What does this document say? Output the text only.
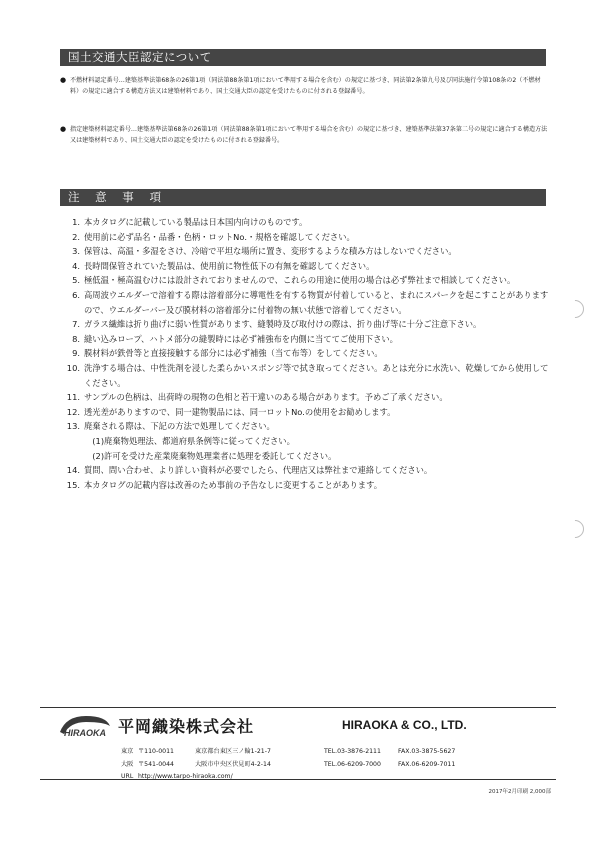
国土交通大臣認定について
● 不燃材料認定番号…建築基準法第68条の26第1項（同法第88条第1項において準用する場合を含む）の規定に基づき、同法第2条第九号及び同法施行令第108条の2（不燃材料）の規定に適合する構造方法又は建築材料であり、国土交通大臣の認定を受けたものに付される登録番号。
● 指定建築材料認定番号…建築基準法第68条の26第1項（同法第88条第1項において準用する場合を含む）の規定に基づき、建築基準法第37条第二号の規定に適合する構造方法又は建築材料であり、国土交通大臣の認定を受けたものに付される登録番号。
注 意 事 項
1. 本カタログに記載している製品は日本国内向けのものです。
2. 使用前に必ず品名・品番・色柄・ロットNo.・規格を確認してください。
3. 保管は、高温・多湿をさけ、冷暗で平坦な場所に置き、変形するような積み方はしないでください。
4. 長時間保管されていた製品は、使用前に物性低下の有無を確認してください。
5. 極低温・極高温むけには設計されておりませんので、これらの用途に使用の場合は必ず弊社まで相談してください。
6. 高周波ウエルダーで溶着する際は溶着部分に導電性を有する物質が付着していると、まれにスパークを起こすことがありますので、ウエルダーバー及び膜材料の溶着部分に付着物の無い状態で溶着してください。
7. ガラス繊維は折り曲げに弱い性質があります、縫製時及び取付けの際は、折り曲げ等に十分ご注意下さい。
8. 縫い込みロープ、ハトメ部分の縫製時には必ず補強布を内側に当ててご使用下さい。
9. 膜材料が鉄骨等と直接接触する部分には必ず補強（当て布等）をしてください。
10. 洗浄する場合は、中性洗剤を浸した柔らかいスポンジ等で拭き取ってください。あとは充分に水洗い、乾燥してから使用してください。
11. サンプルの色柄は、出荷時の現物の色相と若干違いのある場合があります。予めご了承ください。
12. 透光差がありますので、同一建物製品には、同一ロットNo.の使用をお勧めします。
13. 廃棄される際は、下記の方法で処理してください。
　(1)廃棄物処理法、都道府県条例等に従ってください。
　(2)許可を受けた産業廃棄物処理業者に処理を委託してください。
14. 質問、問い合わせ、より詳しい資料が必要でしたら、代理店又は弊社まで連絡してください。
15. 本カタログの記載内容は改善のため事前の予告なしに変更することがあります。
HIRAOKA 平岡織染株式会社	HIRAOKA & CO., LTD.
東京 〒110-0011	東京都台東区三ノ輪1-21-7	TEL.03-3876-2111	FAX.03-3875-5627
大阪 〒541-0044	大阪市中央区伏見町4-2-14	TEL.06-6209-7000	FAX.06-6209-7011
URL http://www.tarpo-hiraoka.com/
2017年2月印刷 2,000部
